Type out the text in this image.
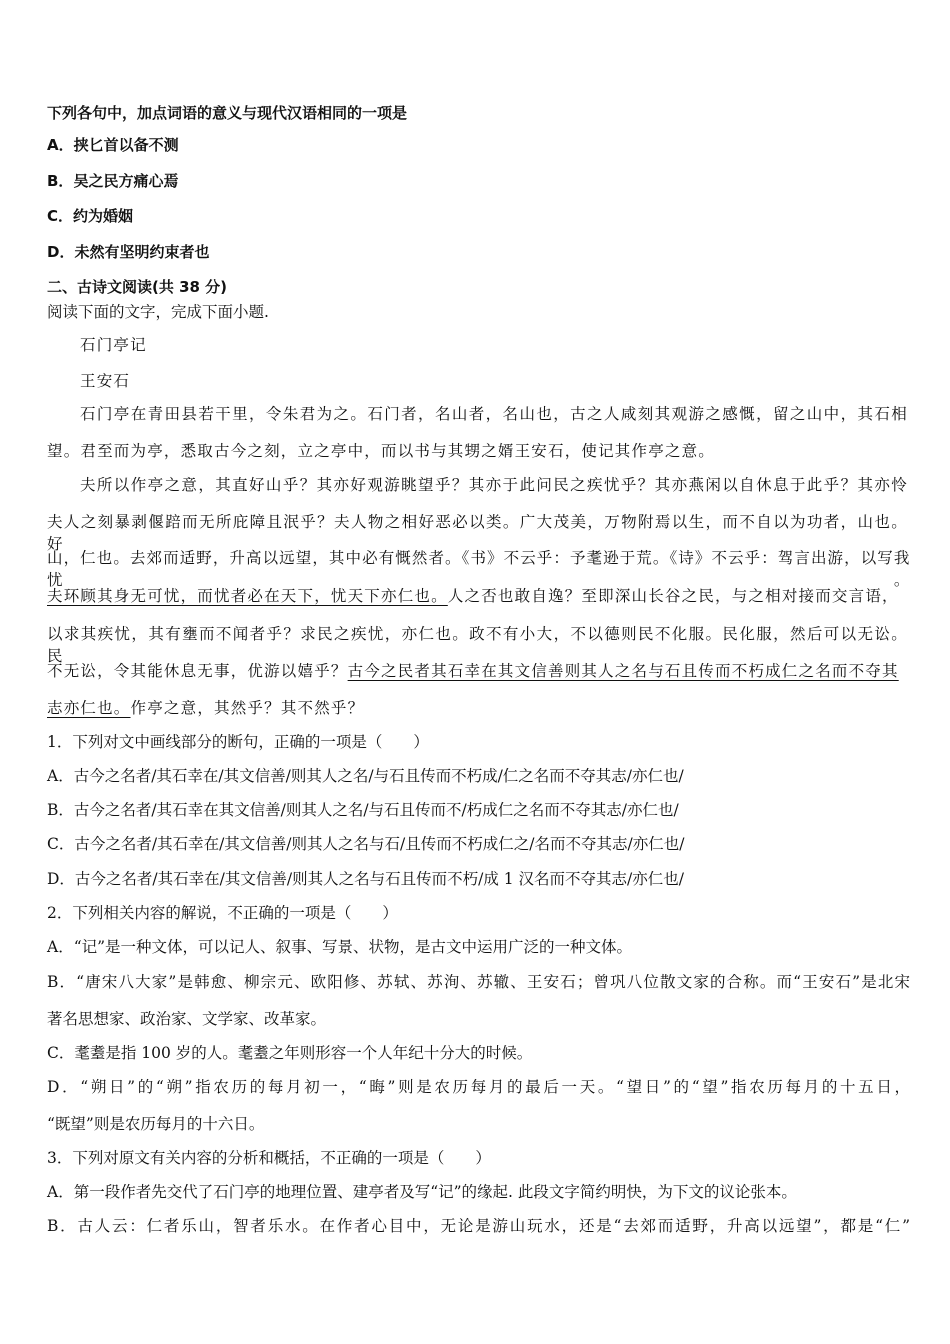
下列各句中，加点词语的意义与现代汉语相同的一项是
A．挟匕首以备不测
B．吴之民方痛心焉
C．约为婚姻
D．未然有坚明约束者也
二、古诗文阅读(共 38 分)
阅读下面的文字，完成下面小题.
石门亭记
王安石
石门亭在青田县若干里，令朱君为之。石门者，名山者，名山也，古之人咸刻其观游之感慨，留之山中，其石相
望。君至而为亭，悉取古今之刻，立之亭中，而以书与其甥之婿王安石，使记其作亭之意。
夫所以作亭之意，其直好山乎？其亦好观游眺望乎？其亦于此问民之疾忧乎？其亦燕闲以自休息于此乎？其亦怜
夫人之刻暴剥偃踣而无所庇障且泯乎？夫人物之相好恶必以类。广大茂美，万物附焉以生，而不自以为功者，山也。好
山，仁也。去郊而适野，升高以远望，其中必有慨然者。《书》不云乎：予耄逊于荒。《诗》不云乎：驾言出游，以写我忧。
夫环顾其身无可忧，而忧者必在天下，忧天下亦仁也。人之否也敢自逸？至即深山长谷之民，与之相对接而交言语，
以求其疾忧，其有壅而不闻者乎？求民之疾忧，亦仁也。政不有小大，不以德则民不化服。民化服，然后可以无讼。民
不无讼，令其能休息无事，优游以嬉乎？古今之民者其石幸在其文信善则其人之名与石且传而不朽成仁之名而不夺其
志亦仁也。作亭之意，其然乎？其不然乎？
1．下列对文中画线部分的断句，正确的一项是（　　）
A．古今之名者/其石幸在/其文信善/则其人之名/与石且传而不朽成/仁之名而不夺其志/亦仁也/
B．古今之名者/其石幸在其文信善/则其人之名/与石且传而不/朽成仁之名而不夺其志/亦仁也/
C．古今之名者/其石幸在/其文信善/则其人之名与石/且传而不朽成仁之/名而不夺其志/亦仁也/
D．古今之名者/其石幸在/其文信善/则其人之名与石且传而不朽/成 1 汉名而不夺其志/亦仁也/
2．下列相关内容的解说，不正确的一项是（　　）
A．“记”是一种文体，可以记人、叙事、写景、状物，是古文中运用广泛的一种文体。
B．“唐宋八大家”是韩愈、柳宗元、欧阳修、苏轼、苏洵、苏辙、王安石；曾巩八位散文家的合称。而“王安石”是北宋
著名思想家、政治家、文学家、改革家。
C．耄耋是指 100 岁的人。耄耋之年则形容一个人年纪十分大的时候。
D．“朔日”的“朔”指农历的每月初一，“晦”则是农历每月的最后一天。“望日”的“望”指农历每月的十五日，
“既望”则是农历每月的十六日。
3．下列对原文有关内容的分析和概括，不正确的一项是（　　）
A．第一段作者先交代了石门亭的地理位置、建亭者及写“记”的缘起. 此段文字简约明快，为下文的议论张本。
B．古人云：仁者乐山，智者乐水。在作者心目中，无论是游山玩水，还是“去郊而适野，升高以远望”，都是“仁”
